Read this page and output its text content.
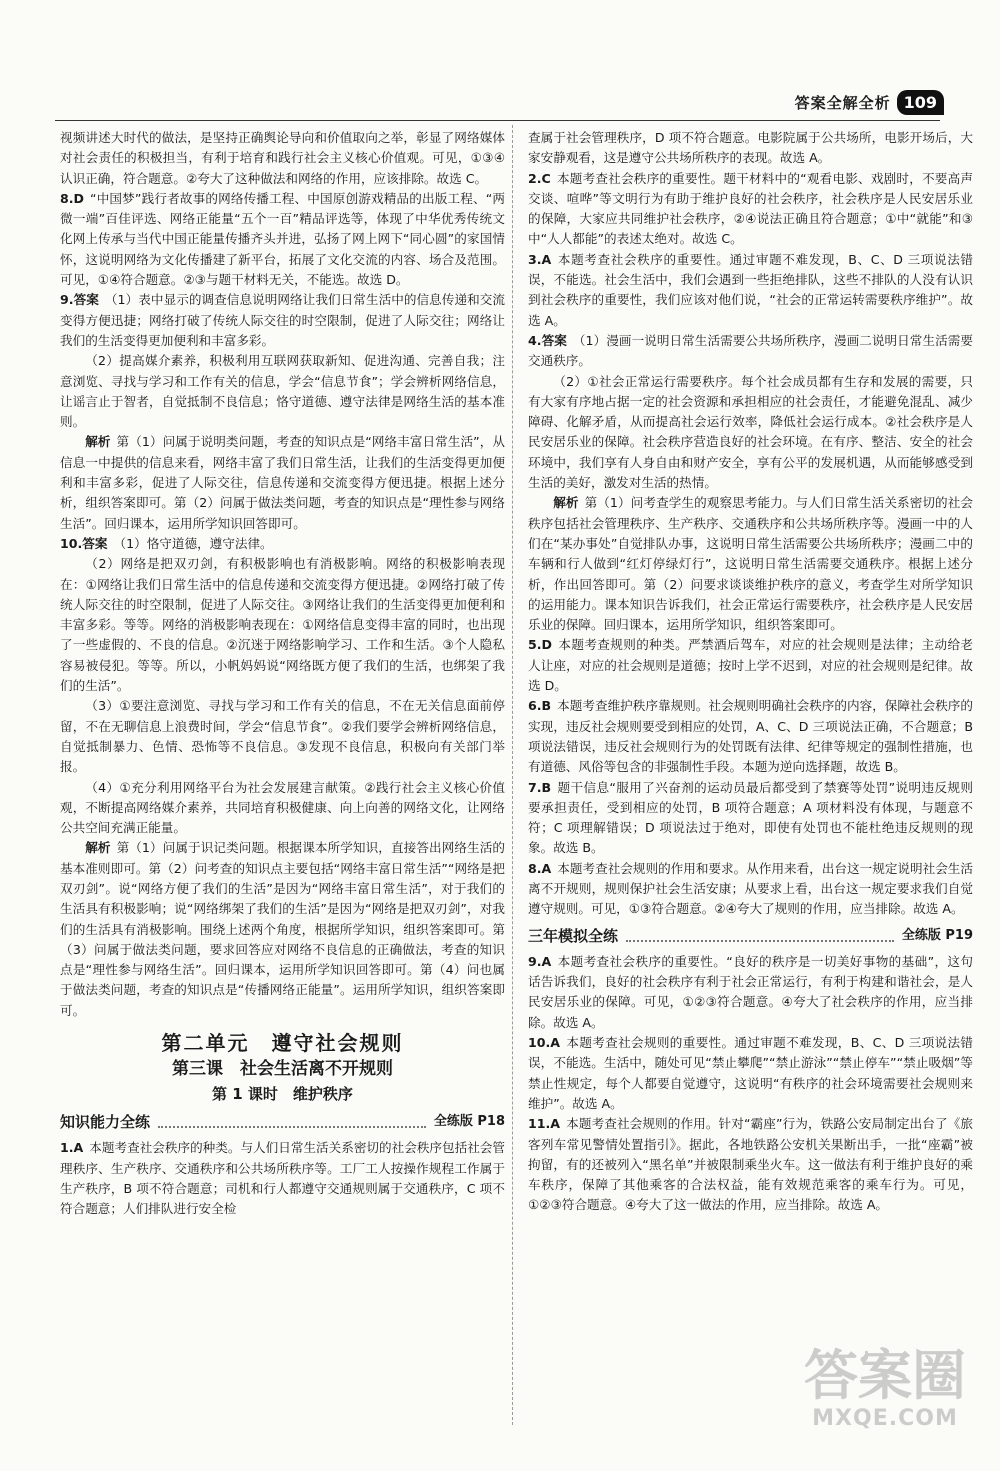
答案全解全析 109

视频讲述大时代的做法，是坚持正确舆论导向和价值取向之举，彰显了网络媒体对社会责任的积极担当，有利于培育和践行社会主义核心价值观。可见，①③④认识正确，符合题意。②夸大了这种做法和网络的作用，应该排除。故选 C。

8.D “中国梦”践行者故事的网络传播工程、中国原创游戏精品的出版工程、“两微一端”百佳评选、网络正能量“五个一百”精品评选等，体现了中华优秀传统文化网上传承与当代中国正能量传播齐头并进，弘扬了网上网下“同心圆”的家国情怀，这说明网络为文化传播建了新平台，拓展了文化交流的内容、场合及范围。可见，①④符合题意。②③与题干材料无关，不能选。故选 D。

9.答案 （1）表中显示的调查信息说明网络让我们日常生活中的信息传递和交流变得方便迅捷；网络打破了传统人际交往的时空限制，促进了人际交往；网络让我们的生活变得更加便利和丰富多彩。

（2）提高媒介素养，积极利用互联网获取新知、促进沟通、完善自我；注意浏览、寻找与学习和工作有关的信息，学会“信息节食”；学会辨析网络信息，让谣言止于智者，自觉抵制不良信息；恪守道德、遵守法律是网络生活的基本准则。

解析 第（1）问属于说明类问题，考查的知识点是“网络丰富日常生活”，从信息一中提供的信息来看，网络丰富了我们日常生活，让我们的生活变得更加便利和丰富多彩，促进了人际交往，信息传递和交流变得方便迅捷。根据上述分析，组织答案即可。第（2）问属于做法类问题，考查的知识点是“理性参与网络生活”。回归课本，运用所学知识回答即可。

10.答案 （1）恪守道德，遵守法律。

（2）网络是把双刃剑，有积极影响也有消极影响。网络的积极影响表现在：①网络让我们日常生活中的信息传递和交流变得方便迅捷。②网络打破了传统人际交往的时空限制，促进了人际交往。③网络让我们的生活变得更加便利和丰富多彩。等等。网络的消极影响表现在：①网络信息变得丰富的同时，也出现了一些虚假的、不良的信息。②沉迷于网络影响学习、工作和生活。③个人隐私容易被侵犯。等等。所以，小帆妈妈说“网络既方便了我们的生活，也绑架了我们的生活”。

（3）①要注意浏览、寻找与学习和工作有关的信息，不在无关信息面前停留，不在无聊信息上浪费时间，学会“信息节食”。②我们要学会辨析网络信息，自觉抵制暴力、色情、恐怖等不良信息。③发现不良信息，积极向有关部门举报。

（4）①充分利用网络平台为社会发展建言献策。②践行社会主义核心价值观，不断提高网络媒介素养，共同培育积极健康、向上向善的网络文化，让网络公共空间充满正能量。

解析 第（1）问属于识记类问题。根据课本所学知识，直接答出网络生活的基本准则即可。第（2）问考查的知识点主要包括“网络丰富日常生活”“网络是把双刃剑”。说“网络方便了我们的生活”是因为“网络丰富日常生活”，对于我们的生活具有积极影响；说“网络绑架了我们的生活”是因为“网络是把双刃剑”，对我们的生活具有消极影响。围绕上述两个角度，根据所学知识，组织答案即可。第（3）问属于做法类问题，要求回答应对网络不良信息的正确做法，考查的知识点是“理性参与网络生活”。回归课本，运用所学知识回答即可。第（4）问也属于做法类问题，考查的知识点是“传播网络正能量”。运用所学知识，组织答案即可。

第二单元　遵守社会规则
第三课　社会生活离不开规则
第 1 课时　维护秩序
知识能力全练	全练版 P18

1.A 本题考查社会秩序的种类。与人们日常生活关系密切的社会秩序包括社会管理秩序、生产秩序、交通秩序和公共场所秩序等。工厂工人按操作规程工作属于生产秩序，B 项不符合题意；司机和行人都遵守交通规则属于交通秩序，C 项不符合题意；人们排队进行安全检

查属于社会管理秩序，D 项不符合题意。电影院属于公共场所，电影开场后，大家安静观看，这是遵守公共场所秩序的表现。故选 A。

2.C 本题考查社会秩序的重要性。题干材料中的“观看电影、戏剧时，不要高声交谈、喧哗”等文明行为有助于维护良好的社会秩序，社会秩序是人民安居乐业的保障，大家应共同维护社会秩序，②④说法正确且符合题意；①中“就能”和③中“人人都能”的表述太绝对。故选 C。

3.A 本题考查社会秩序的重要性。通过审题不难发现，B、C、D 三项说法错误，不能选。社会生活中，我们会遇到一些拒绝排队，这些不排队的人没有认识到社会秩序的重要性，我们应该对他们说，“社会的正常运转需要秩序维护”。故选 A。

4.答案 （1）漫画一说明日常生活需要公共场所秩序，漫画二说明日常生活需要交通秩序。

（2）①社会正常运行需要秩序。每个社会成员都有生存和发展的需要，只有大家有序地占据一定的社会资源和承担相应的社会责任，才能避免混乱、减少障碍、化解矛盾，从而提高社会运行效率，降低社会运行成本。②社会秩序是人民安居乐业的保障。社会秩序营造良好的社会环境。在有序、整洁、安全的社会环境中，我们享有人身自由和财产安全，享有公平的发展机遇，从而能够感受到生活的美好，激发对生活的热情。

解析 第（1）问考查学生的观察思考能力。与人们日常生活关系密切的社会秩序包括社会管理秩序、生产秩序、交通秩序和公共场所秩序等。漫画一中的人们在“某办事处”自觉排队办事，这说明日常生活需要公共场所秩序；漫画二中的车辆和行人做到“红灯停绿灯行”，这说明日常生活需要交通秩序。根据上述分析，作出回答即可。第（2）问要求谈谈维护秩序的意义，考查学生对所学知识的运用能力。课本知识告诉我们，社会正常运行需要秩序，社会秩序是人民安居乐业的保障。回归课本，运用所学知识，组织答案即可。

5.D 本题考查规则的种类。严禁酒后驾车，对应的社会规则是法律；主动给老人让座，对应的社会规则是道德；按时上学不迟到，对应的社会规则是纪律。故选 D。

6.B 本题考查维护秩序靠规则。社会规则明确社会秩序的内容，保障社会秩序的实现，违反社会规则要受到相应的处罚，A、C、D 三项说法正确，不合题意；B 项说法错误，违反社会规则行为的处罚既有法律、纪律等规定的强制性措施，也有道德、风俗等包含的非强制性手段。本题为逆向选择题，故选 B。

7.B 题干信息“服用了兴奋剂的运动员最后都受到了禁赛等处罚”说明违反规则要承担责任，受到相应的处罚，B 项符合题意；A 项材料没有体现，与题意不符；C 项理解错误；D 项说法过于绝对，即使有处罚也不能杜绝违反规则的现象。故选 B。

8.A 本题考查社会规则的作用和要求。从作用来看，出台这一规定说明社会生活离不开规则，规则保护社会生活安康；从要求上看，出台这一规定要求我们自觉遵守规则。可见，①③符合题意。②④夸大了规则的作用，应当排除。故选 A。

三年模拟全练	全练版 P19

9.A 本题考查社会秩序的重要性。“良好的秩序是一切美好事物的基础”，这句话告诉我们，良好的社会秩序有利于社会正常运行，有利于构建和谐社会，是人民安居乐业的保障。可见，①②③符合题意。④夸大了社会秩序的作用，应当排除。故选 A。

10.A 本题考查社会规则的重要性。通过审题不难发现，B、C、D 三项说法错误，不能选。生活中，随处可见“禁止攀爬”“禁止游泳”“禁止停车”“禁止吸烟”等禁止性规定，每个人都要自觉遵守，这说明“有秩序的社会环境需要社会规则来维护”。故选 A。

11.A 本题考查社会规则的作用。针对“霸座”行为，铁路公安局制定出台了《旅客列车常见警情处置指引》。据此，各地铁路公安机关果断出手，一批“座霸”被拘留，有的还被列入“黑名单”并被限制乘坐火车。这一做法有利于维护良好的乘车秩序，保障了其他乘客的合法权益，能有效规范乘客的乘车行为。可见，①②③符合题意。④夸大了这一做法的作用，应当排除。故选 A。

答案圈
MXQE.COM
